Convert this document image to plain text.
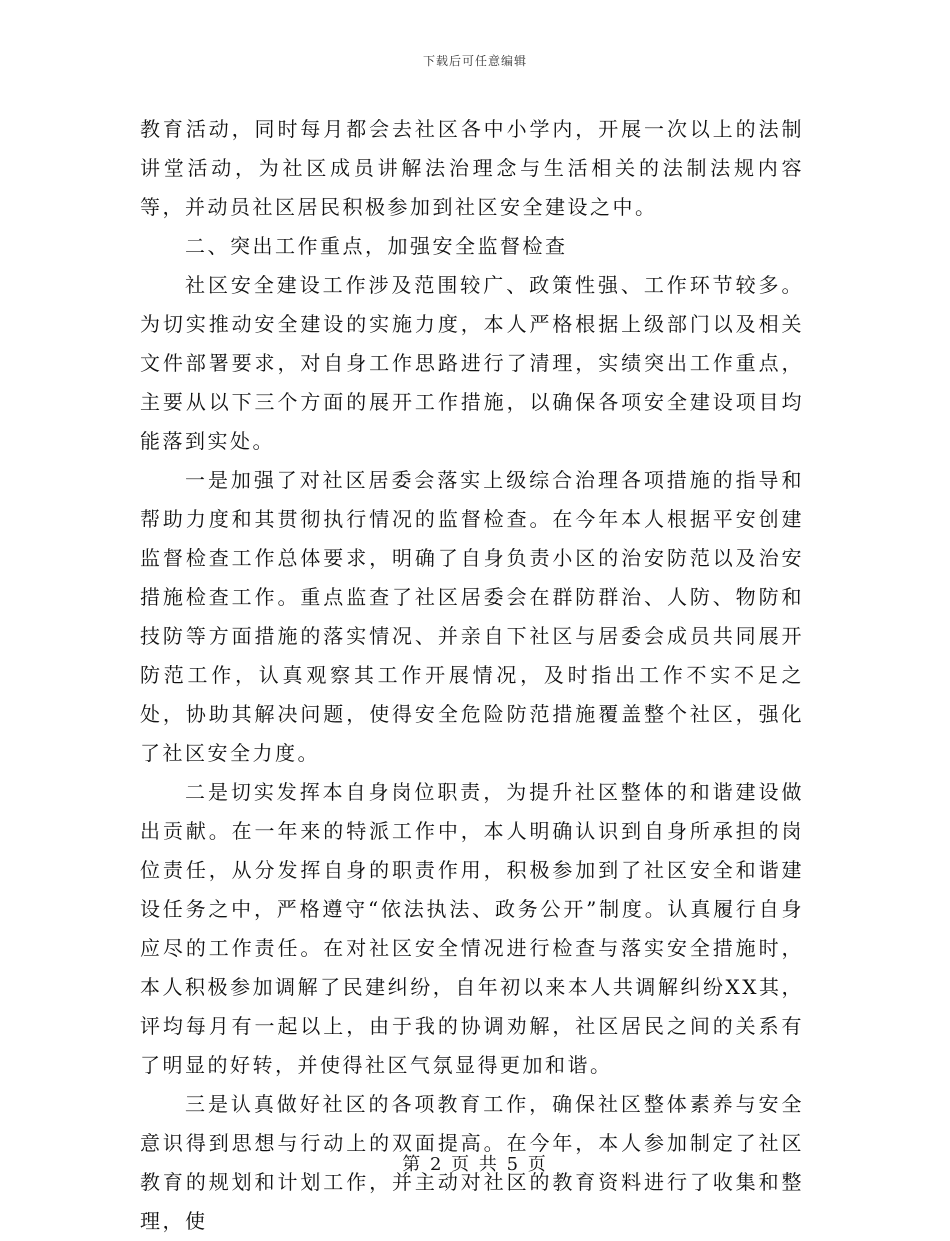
下载后可任意编辑

教育活动，同时每月都会去社区各中小学内，开展一次以上的法制讲堂活动，为社区成员讲解法治理念与生活相关的法制法规内容等，并动员社区居民积极参加到社区安全建设之中。

二、突出工作重点，加强安全监督检查

社区安全建设工作涉及范围较广、政策性强、工作环节较多。为切实推动安全建设的实施力度，本人严格根据上级部门以及相关文件部署要求，对自身工作思路进行了清理，实绩突出工作重点，主要从以下三个方面的展开工作措施，以确保各项安全建设项目均能落到实处。

一是加强了对社区居委会落实上级综合治理各项措施的指导和帮助力度和其贯彻执行情况的监督检查。在今年本人根据平安创建监督检查工作总体要求，明确了自身负责小区的治安防范以及治安措施检查工作。重点监查了社区居委会在群防群治、人防、物防和技防等方面措施的落实情况、并亲自下社区与居委会成员共同展开防范工作，认真观察其工作开展情况，及时指出工作不实不足之处，协助其解决问题，使得安全危险防范措施覆盖整个社区，强化了社区安全力度。

二是切实发挥本自身岗位职责，为提升社区整体的和谐建设做出贡献。在一年来的特派工作中，本人明确认识到自身所承担的岗位责任，从分发挥自身的职责作用，积极参加到了社区安全和谐建设任务之中，严格遵守“依法执法、政务公开”制度。认真履行自身应尽的工作责任。在对社区安全情况进行检查与落实安全措施时，本人积极参加调解了民建纠纷，自年初以来本人共调解纠纷XX其，评均每月有一起以上，由于我的协调劝解，社区居民之间的关系有了明显的好转，并使得社区气氛显得更加和谐。

三是认真做好社区的各项教育工作，确保社区整体素养与安全意识得到思想与行动上的双面提高。在今年，本人参加制定了社区教育的规划和计划工作，并主动对社区的教育资料进行了收集和整理，使

第 2 页 共 5 页
